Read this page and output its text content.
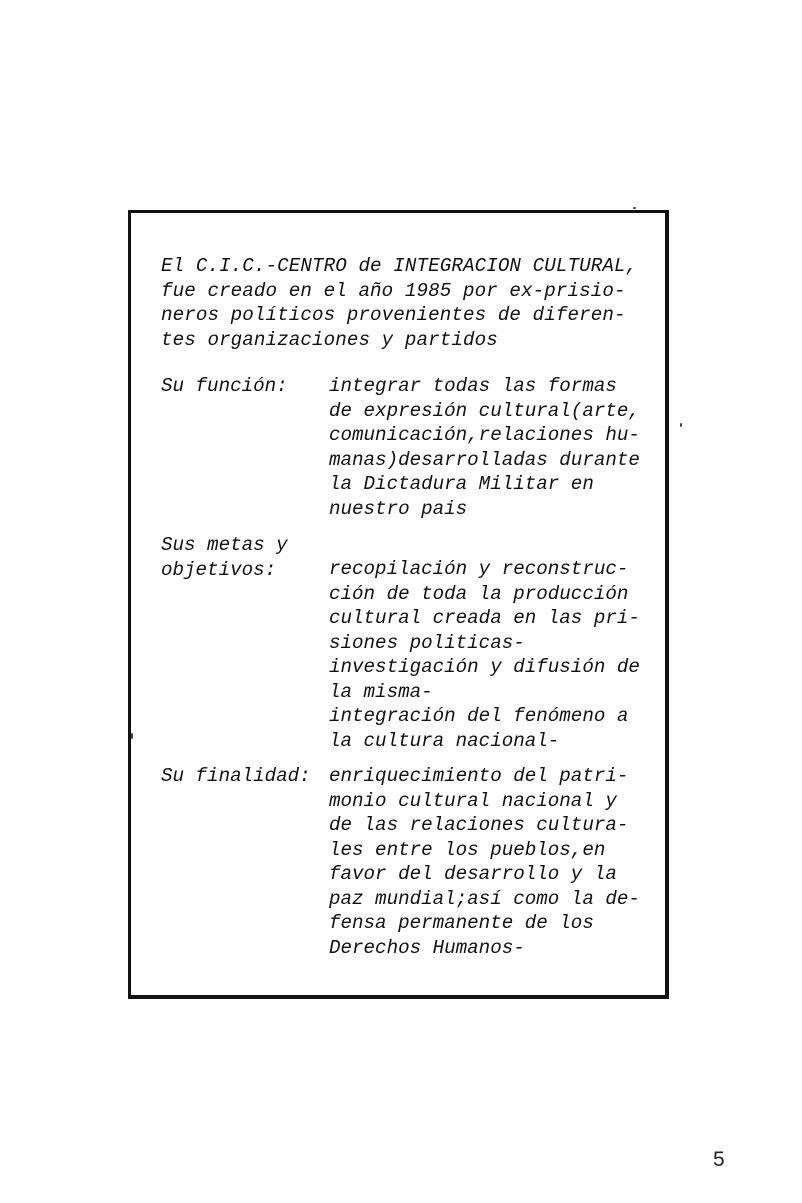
El C.I.C.-CENTRO de INTEGRACION CULTURAL,
fue creado en el año 1985 por ex-prisio-
neros políticos provenientes de diferen-
tes organizaciones y partidos
Su función: integrar todas las formas
de expresión cultural(arte,
comunicación,relaciones hu-
manas)desarrolladas durante
la Dictadura Militar en
nuestro pais
Sus metas y
objetivos:	recopilación y reconstruc-
ción de toda la producción
cultural creada en las pri-
siones politicas-
investigación y difusión de
la misma-
integración del fenómeno a
la cultura nacional-
Su finalidad: enriquecimiento del patri-
monio cultural nacional y
de las relaciones cultura-
les entre los pueblos,en
favor del desarrollo y la
paz mundial;así como la de-
fensa permanente de los
Derechos Humanos-
5
